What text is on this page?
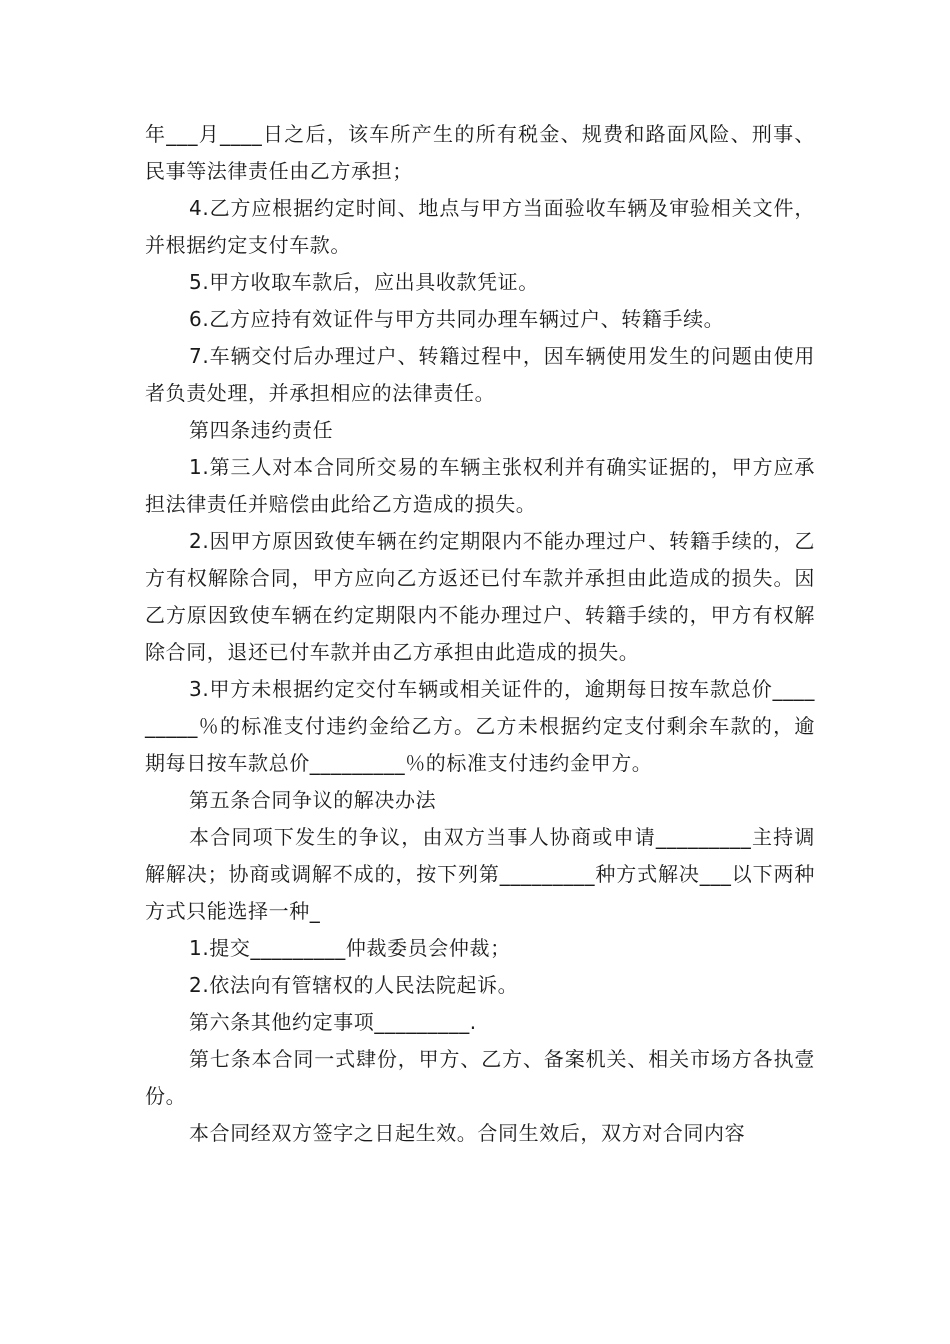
年___月____日之后，该车所产生的所有税金、规费和路面风险、刑事、民事等法律责任由乙方承担；

4.乙方应根据约定时间、地点与甲方当面验收车辆及审验相关文件，并根据约定支付车款。

5.甲方收取车款后，应出具收款凭证。

6.乙方应持有效证件与甲方共同办理车辆过户、转籍手续。

7.车辆交付后办理过户、转籍过程中，因车辆使用发生的问题由使用者负责处理，并承担相应的法律责任。

第四条违约责任

1.第三人对本合同所交易的车辆主张权利并有确实证据的，甲方应承担法律责任并赔偿由此给乙方造成的损失。

2.因甲方原因致使车辆在约定期限内不能办理过户、转籍手续的，乙方有权解除合同，甲方应向乙方返还已付车款并承担由此造成的损失。因乙方原因致使车辆在约定期限内不能办理过户、转籍手续的，甲方有权解除合同，退还已付车款并由乙方承担由此造成的损失。

3.甲方未根据约定交付车辆或相关证件的，逾期每日按车款总价_________％的标准支付违约金给乙方。乙方未根据约定支付剩余车款的，逾期每日按车款总价_________％的标准支付违约金甲方。

第五条合同争议的解决办法

本合同项下发生的争议，由双方当事人协商或申请_________主持调解解决；协商或调解不成的，按下列第_________种方式解决___以下两种方式只能选择一种_

1.提交_________仲裁委员会仲裁；

2.依法向有管辖权的人民法院起诉。

第六条其他约定事项_________.

第七条本合同一式肆份，甲方、乙方、备案机关、相关市场方各执壹份。

本合同经双方签字之日起生效。合同生效后，双方对合同内容
